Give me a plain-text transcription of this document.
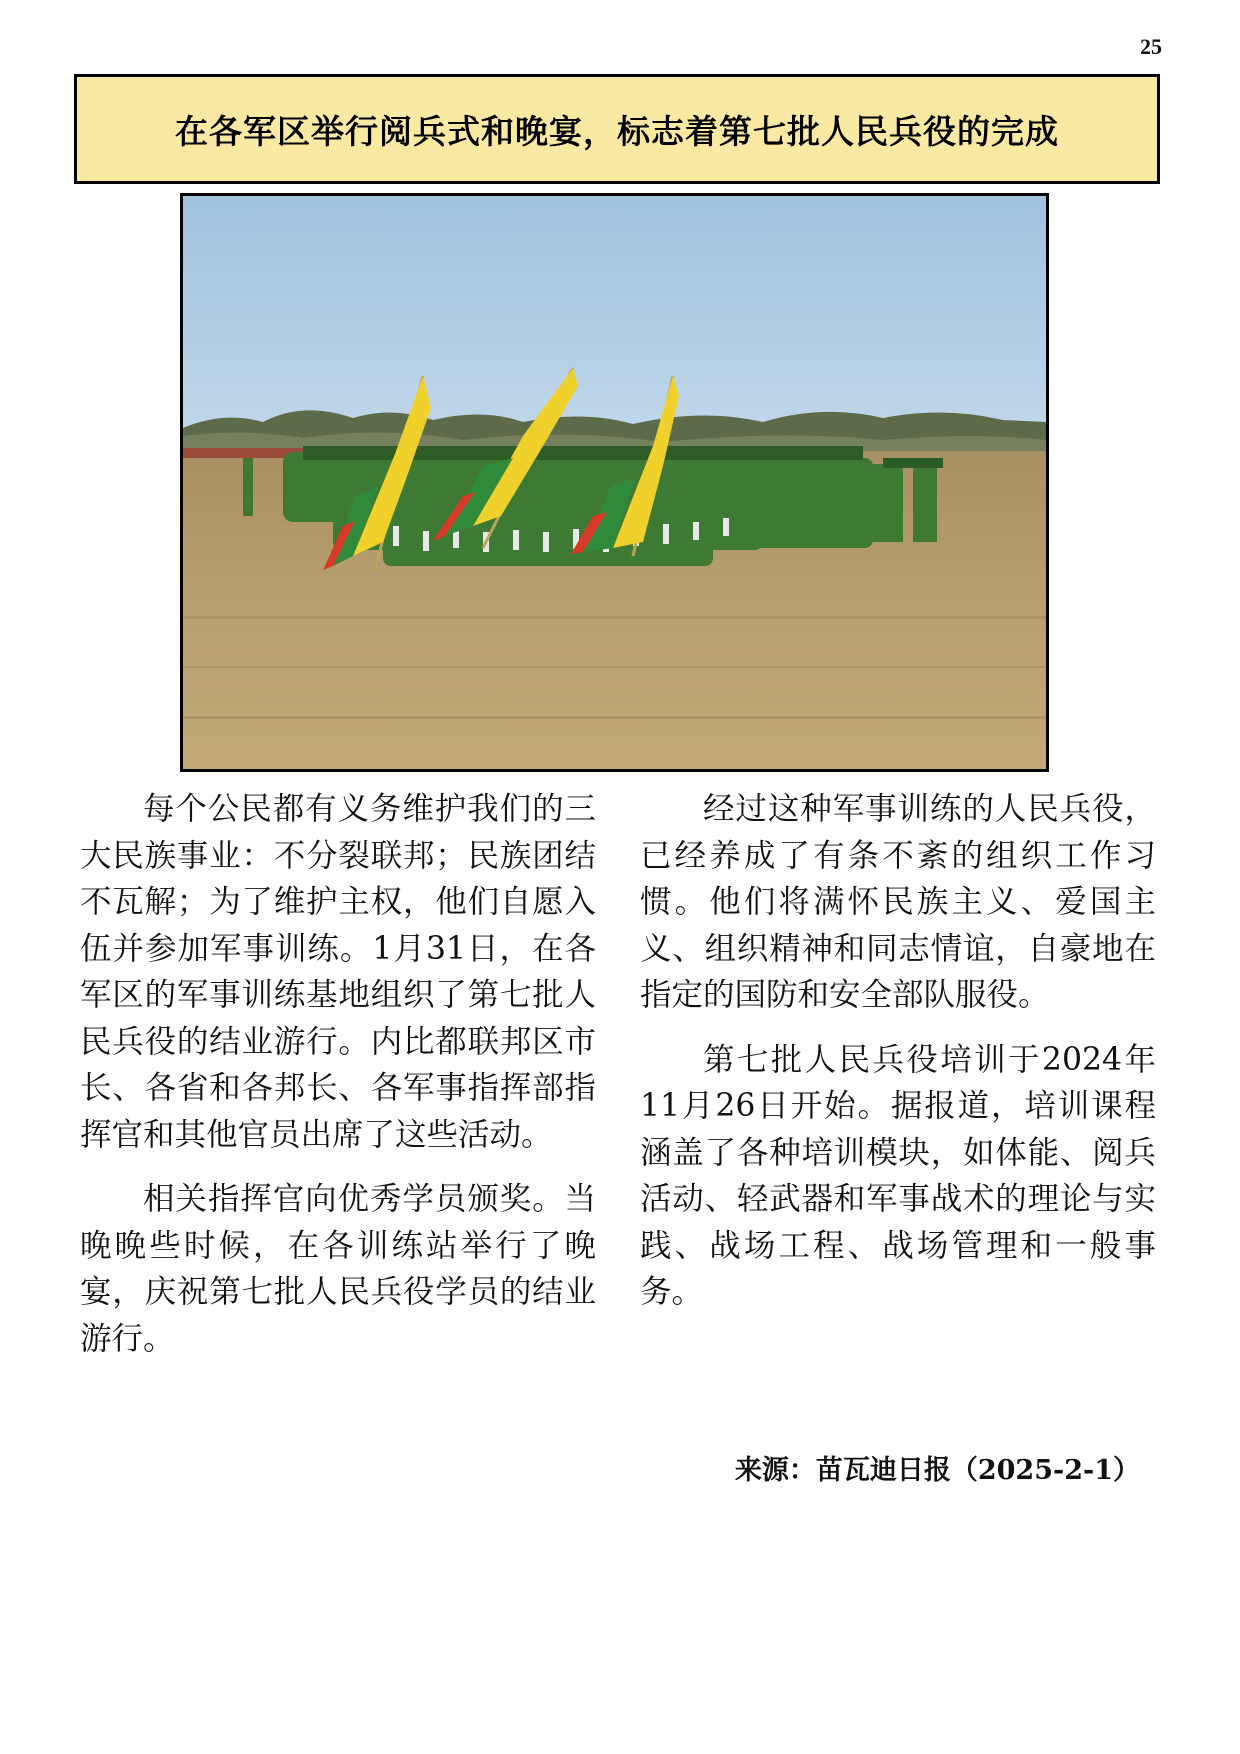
25
在各军区举行阅兵式和晚宴，标志着第七批人民兵役的完成

每个公民都有义务维护我们的三大民族事业：不分裂联邦；民族团结不瓦解；为了维护主权，他们自愿入伍并参加军事训练。1月31日，在各军区的军事训练基地组织了第七批人民兵役的结业游行。内比都联邦区市长、各省和各邦长、各军事指挥部指挥官和其他官员出席了这些活动。

相关指挥官向优秀学员颁奖。当晚晚些时候，在各训练站举行了晚宴，庆祝第七批人民兵役学员的结业游行。

经过这种军事训练的人民兵役，已经养成了有条不紊的组织工作习惯。他们将满怀民族主义、爱国主义、组织精神和同志情谊，自豪地在指定的国防和安全部队服役。

第七批人民兵役培训于2024年11月26日开始。据报道，培训课程涵盖了各种培训模块，如体能、阅兵活动、轻武器和军事战术的理论与实践、战场工程、战场管理和一般事务。

来源：苗瓦迪日报（2025-2-1）
